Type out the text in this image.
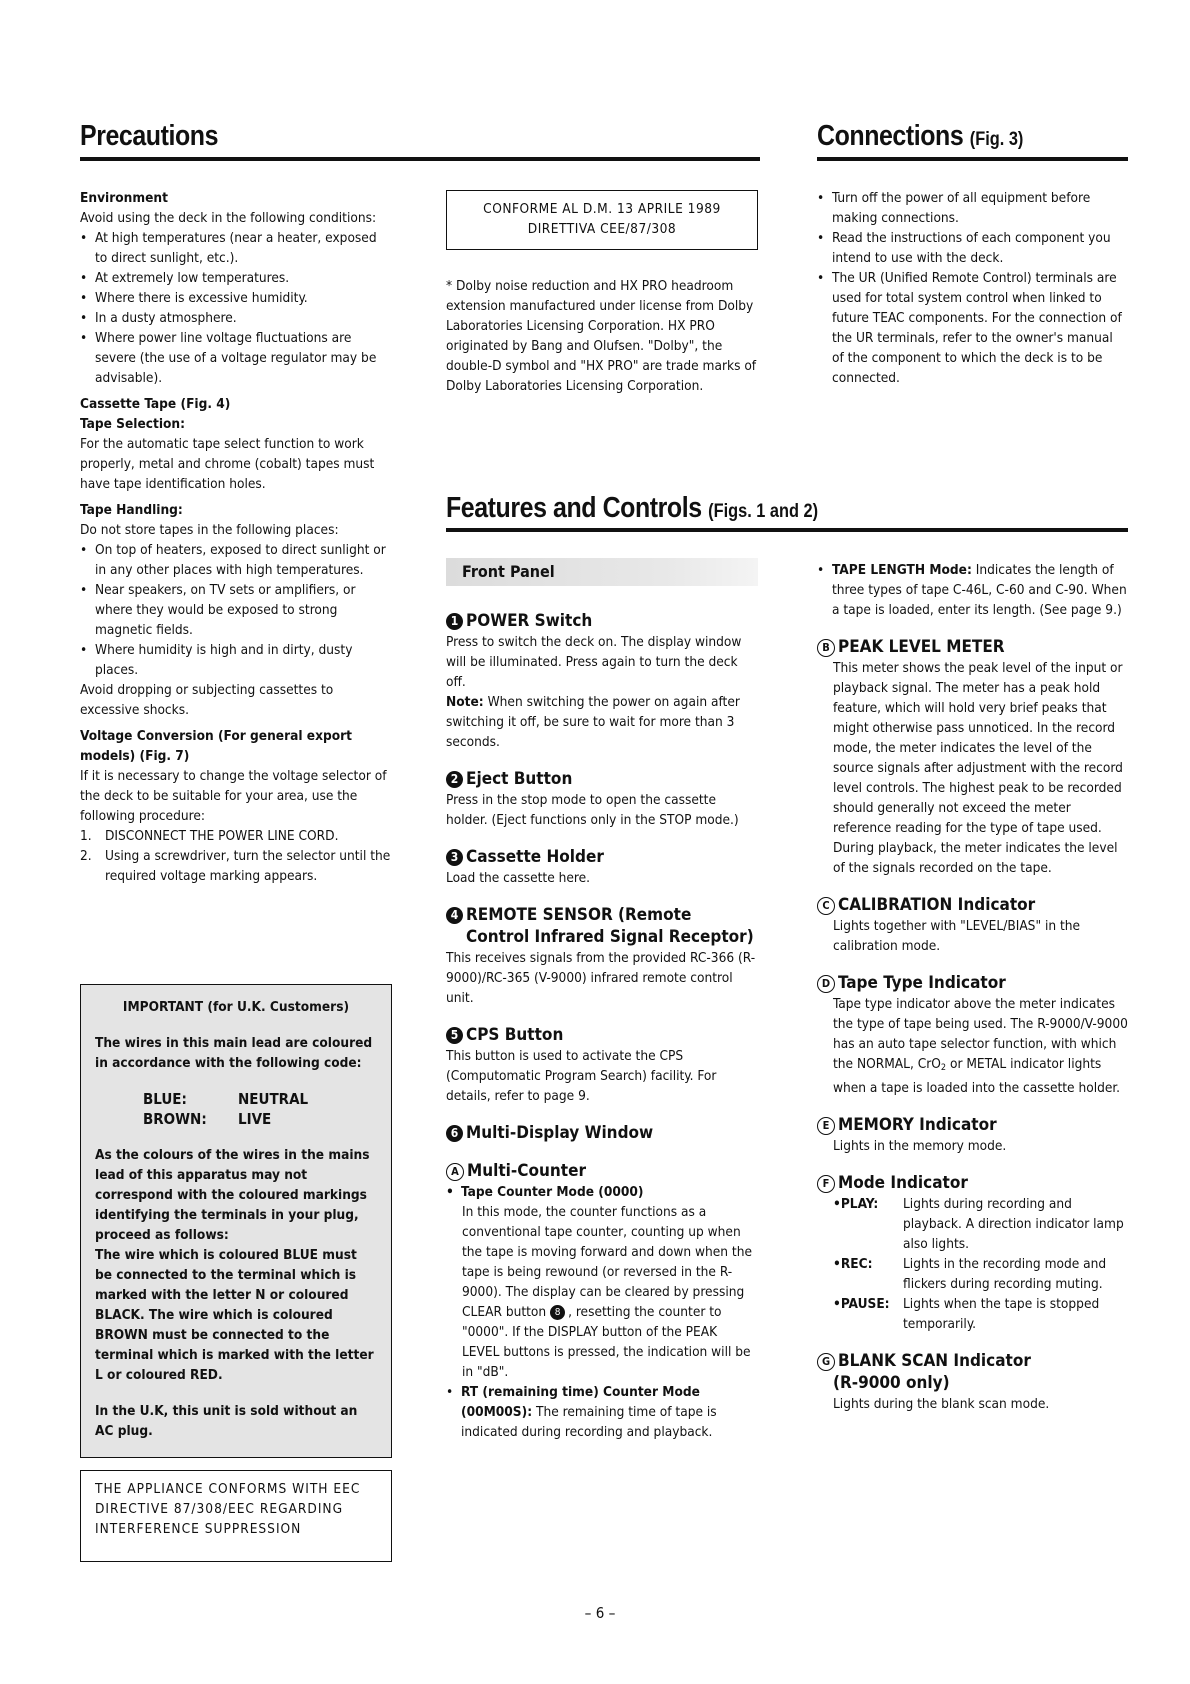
Precautions	Connections (Fig. 3)

Environment

Avoid using the deck in the following conditions:

• At high temperatures (near a heater, exposed to direct sunlight, etc.).

• At extremely low temperatures.

• Where there is excessive humidity.

• In a dusty atmosphere.

• Where power line voltage fluctuations are severe (the use of a voltage regulator may be advisable).

Cassette Tape (Fig. 4)

Tape Selection:

For the automatic tape select function to work properly, metal and chrome (cobalt) tapes must have tape identification holes.

Tape Handling:

Do not store tapes in the following places:

• On top of heaters, exposed to direct sunlight or in any other places with high temperatures.

• Near speakers, on TV sets or amplifiers, or where they would be exposed to strong magnetic fields.

• Where humidity is high and in dirty, dusty places.

Avoid dropping or subjecting cassettes to excessive shocks.

Voltage Conversion (For general export models) (Fig. 7)

If it is necessary to change the voltage selector of the deck to be suitable for your area, use the following procedure:

1. DISCONNECT THE POWER LINE CORD.

2. Using a screwdriver, turn the selector until the required voltage marking appears.

IMPORTANT (for U.K. Customers)

The wires in this main lead are coloured in accordance with the following code:

BLUE:	NEUTRAL
BROWN: LIVE

As the colours of the wires in the mains lead of this apparatus may not correspond with the coloured markings identifying the terminals in your plug, proceed as follows:

The wire which is coloured BLUE must be connected to the terminal which is marked with the letter N or coloured BLACK. The wire which is coloured BROWN must be connected to the terminal which is marked with the letter L or coloured RED.

In the U.K, this unit is sold without an AC plug.

THE APPLIANCE CONFORMS WITH EEC DIRECTIVE 87/308/EEC REGARDING INTERFERENCE SUPPRESSION

CONFORME AL D.M. 13 APRILE 1989

DIRETTIVA CEE/87/308

* Dolby noise reduction and HX PRO headroom extension manufactured under license from Dolby Laboratories Licensing Corporation. HX PRO originated by Bang and Olufsen. "Dolby", the double-D symbol and "HX PRO" are trade marks of Dolby Laboratories Licensing Corporation.

• Turn off the power of all equipment before making connections.

• Read the instructions of each component you intend to use with the deck.

• The UR (Unified Remote Control) terminals are used for total system control when linked to future TEAC components. For the connection of the UR terminals, refer to the owner's manual of the component to which the deck is to be connected.

Features and Controls (Figs. 1 and 2)
Front Panel
1 POWER Switch

Press to switch the deck on. The display window will be illuminated. Press again to turn the deck off.

Note: When switching the power on again after switching it off, be sure to wait for more than 3 seconds.

2 Eject Button

Press in the stop mode to open the cassette holder. (Eject functions only in the STOP mode.)

3 Cassette Holder

Load the cassette here.

4 REMOTE SENSOR (Remote Control Infrared Signal Receptor)

This receives signals from the provided RC-366 (R-9000)/RC-365 (V-9000) infrared remote control unit.

5 CPS Button

This button is used to activate the CPS (Computomatic Program Search) facility. For details, refer to page 9.

6 Multi-Display Window
A Multi-Counter

• Tape Counter Mode (0000)

In this mode, the counter functions as a conventional tape counter, counting up when the tape is moving forward and down when the tape is being rewound (or reversed in the R-9000). The display can be cleared by pressing CLEAR button 8 , resetting the counter to "0000". If the DISPLAY button of the PEAK LEVEL buttons is pressed, the indication will be in "dB".

• RT (remaining time) Counter Mode (00M00S): The remaining time of tape is indicated during recording and playback.

• TAPE LENGTH Mode: Indicates the length of three types of tape C-46L, C-60 and C-90. When a tape is loaded, enter its length. (See page 9.)

B PEAK LEVEL METER

This meter shows the peak level of the input or playback signal. The meter has a peak hold feature, which will hold very brief peaks that might otherwise pass unnoticed. In the record mode, the meter indicates the level of the source signals after adjustment with the record level controls. The highest peak to be recorded should generally not exceed the meter reference reading for the type of tape used. During playback, the meter indicates the level of the signals recorded on the tape.

C CALIBRATION Indicator

Lights together with "LEVEL/BIAS" in the calibration mode.

D Tape Type Indicator

Tape type indicator above the meter indicates the type of tape being used. The R-9000/V-9000 has an auto tape selector function, with which the NORMAL, CrO$_2$ or METAL indicator lights when a tape is loaded into the cassette holder.

E MEMORY Indicator

Lights in the memory mode.

F Mode Indicator
•PLAY:	Lights during recording and playback. A direction indicator lamp also lights.
•REC:	Lights in the recording mode and flickers during recording muting.
•PAUSE: Lights when the tape is stopped temporarily.
G BLANK SCAN Indicator
(R-9000 only)

Lights during the blank scan mode.

– 6 –
